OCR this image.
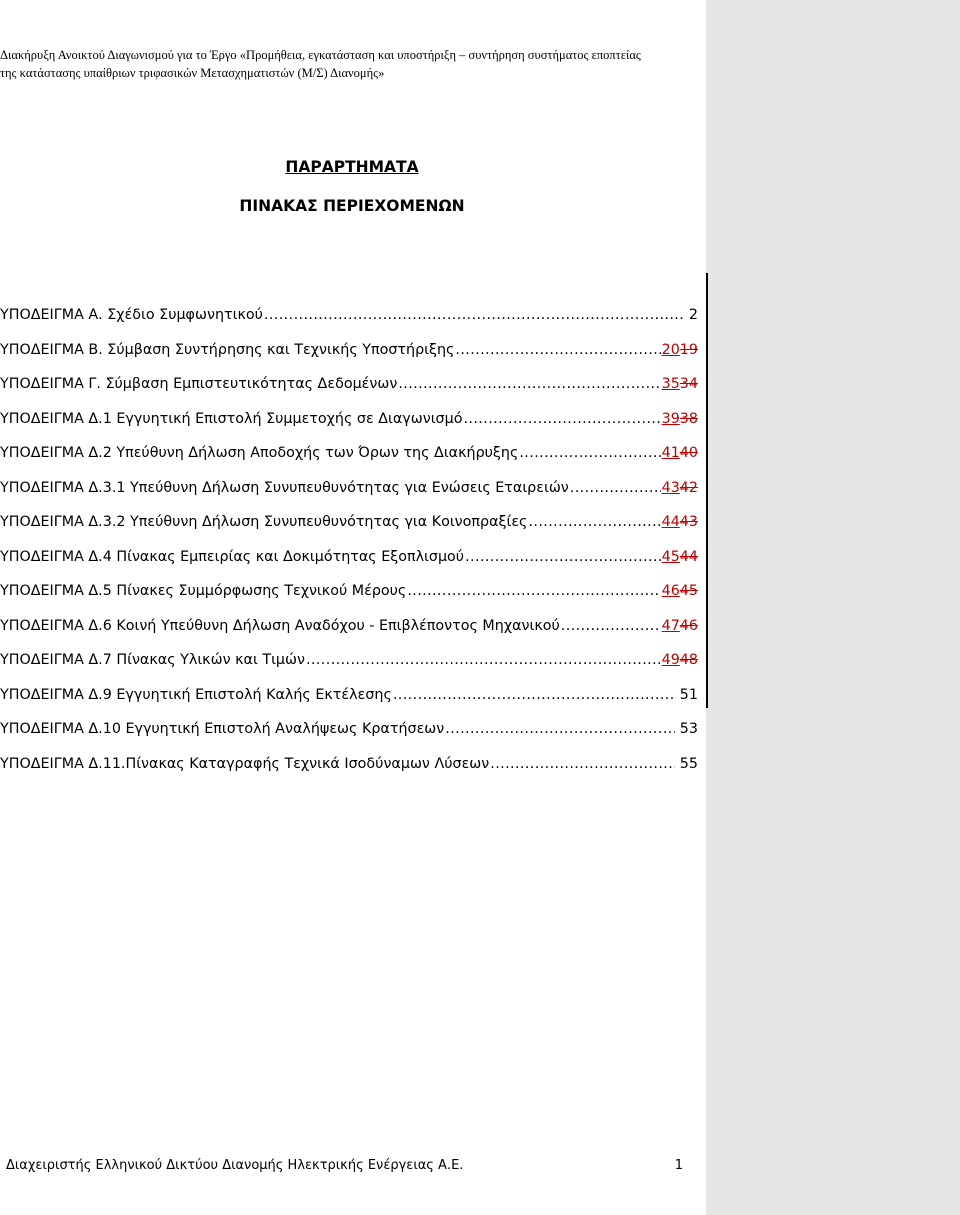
Διακήρυξη Ανοικτού Διαγωνισμού για το Έργο «Προμήθεια, εγκατάσταση και υποστήριξη – συντήρηση συστήματος εποπτείας
της κατάστασης υπαίθριων τριφασικών Μετασχηματιστών (Μ/Σ) Διανομής»
ΠΑΡΑΡΤΗΜΑΤΑ
ΠΙΝΑΚΑΣ ΠΕΡΙΕΧΟΜΕΝΩΝ
ΥΠΟΔΕΙΓΜΑ Α. Σχέδιο Συμφωνητικού .....	2
ΥΠΟΔΕΙΓΜΑ Β. Σύμβαση Συντήρησης και Τεχνικής Υποστήριξης .....	2019
ΥΠΟΔΕΙΓΜΑ Γ. Σύμβαση Εμπιστευτικότητας Δεδομένων .....	3534
ΥΠΟΔΕΙΓΜΑ Δ.1 Εγγυητική Επιστολή Συμμετοχής σε Διαγωνισμό .....	3938
ΥΠΟΔΕΙΓΜΑ Δ.2 Υπεύθυνη Δήλωση Αποδοχής των Όρων της Διακήρυξης .....	4140
ΥΠΟΔΕΙΓΜΑ Δ.3.1 Υπεύθυνη Δήλωση Συνυπευθυνότητας για Ενώσεις Εταιρειών .....	4342
ΥΠΟΔΕΙΓΜΑ Δ.3.2 Υπεύθυνη Δήλωση Συνυπευθυνότητας για Κοινοπραξίες .....	4443
ΥΠΟΔΕΙΓΜΑ Δ.4 Πίνακας Εμπειρίας και Δοκιμότητας Εξοπλισμού .....	4544
ΥΠΟΔΕΙΓΜΑ Δ.5 Πίνακες Συμμόρφωσης Τεχνικού Μέρους .....	4645
ΥΠΟΔΕΙΓΜΑ Δ.6 Κοινή Υπεύθυνη Δήλωση Αναδόχου - Επιβλέποντος Μηχανικού .....	4746
ΥΠΟΔΕΙΓΜΑ Δ.7 Πίνακας Υλικών και Τιμών .....	4948
ΥΠΟΔΕΙΓΜΑ Δ.9 Εγγυητική Επιστολή Καλής Εκτέλεσης .....	51
ΥΠΟΔΕΙΓΜΑ Δ.10 Εγγυητική Επιστολή Αναλήψεως Κρατήσεων .....	53
ΥΠΟΔΕΙΓΜΑ Δ.11.Πίνακας Καταγραφής Τεχνικά Ισοδύναμων Λύσεων .....	55
Διαχειριστής Ελληνικού Δικτύου Διανομής Ηλεκτρικής Ενέργειας Α.Ε.	1
